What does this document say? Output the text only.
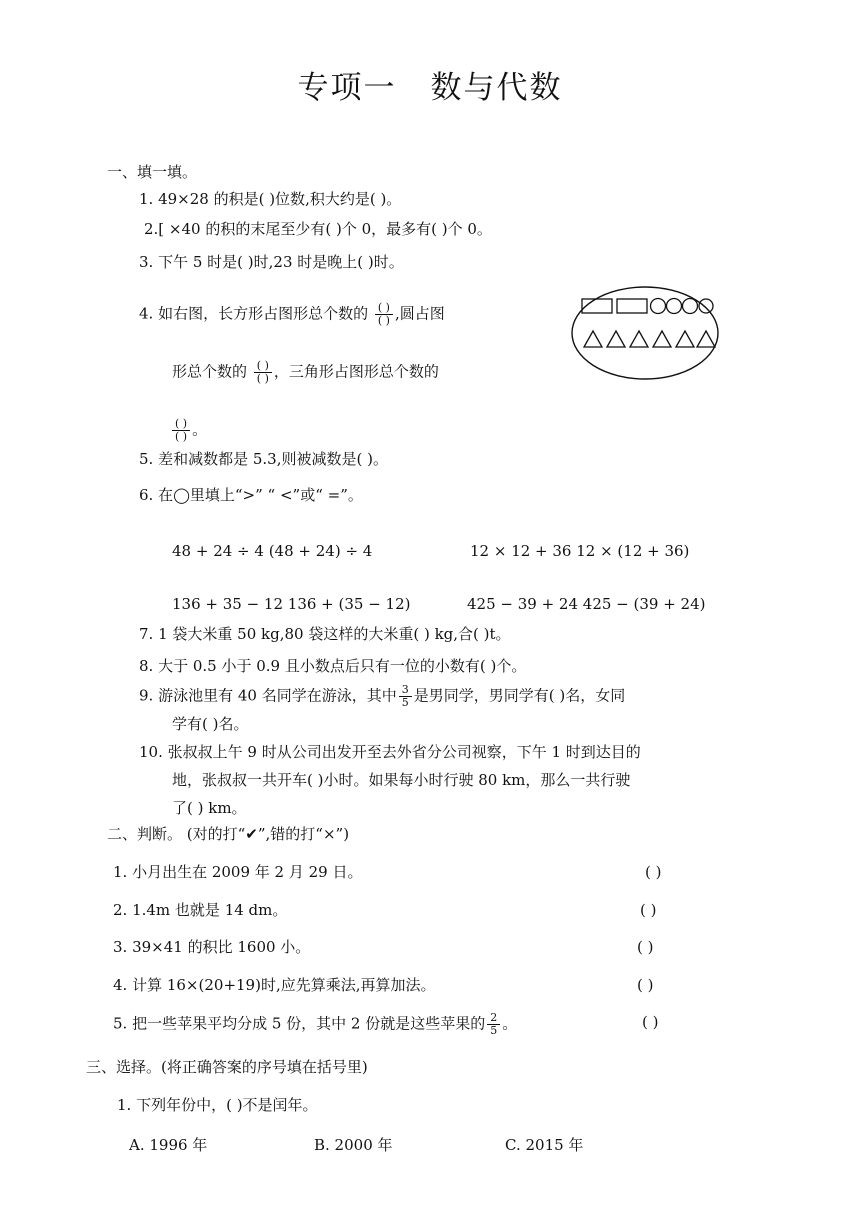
专项一 数与代数
一、填一填。
1. 49×28 的积是( )位数,积大约是( )。
2.[ ×40 的积的末尾至少有( )个 0，最多有( )个 0。
3. 下午 5 时是( )时,23 时是晚上( )时。
4. 如右图，长方形占图形总个数的 $\frac{( )}{( )}$ ,圆占图
形总个数的 $\frac{( )}{( )}$ ，三角形占图形总个数的
$\frac{( )}{( )}$ 。
5. 差和减数都是 5.3,则被减数是( )。
6. 在◯里填上“>” “ <”或“ =”。
48 + 24 ÷ 4 (48 + 24) ÷ 4	12 × 12 + 36 12 × (12 + 36)
136 + 35 − 12 136 + (35 − 12)	425 − 39 + 24 425 − (39 + 24)
7. 1 袋大米重 50 kg,80 袋这样的大米重( ) kg,合( )t。
8. 大于 0.5 小于 0.9 且小数点后只有一位的小数有( )个。
9. 游泳池里有 40 名同学在游泳，其中 $\frac{3}{5}$ 是男同学，男同学有( )名，女同
学有( )名。
10. 张叔叔上午 9 时从公司出发开至去外省分公司视察，下午 1 时到达目的
地，张叔叔一共开车( )小时。如果每小时行驶 80 km，那么一共行驶
了( ) km。
二、判断。 (对的打“✔”,错的打“×”)
1. 小月出生在 2009 年 2 月 29 日。	( )
2. 1.4m 也就是 14 dm。	( )
3. 39×41 的积比 1600 小。	( )
4. 计算 16×(20+19)时,应先算乘法,再算加法。	( )
5. 把一些苹果平均分成 5 份，其中 2 份就是这些苹果的 $\frac{2}{5}$ 。	( )
三、选择。(将正确答案的序号填在括号里)
1. 下列年份中，( )不是闰年。
A. 1996 年	B. 2000 年	C. 2015 年
